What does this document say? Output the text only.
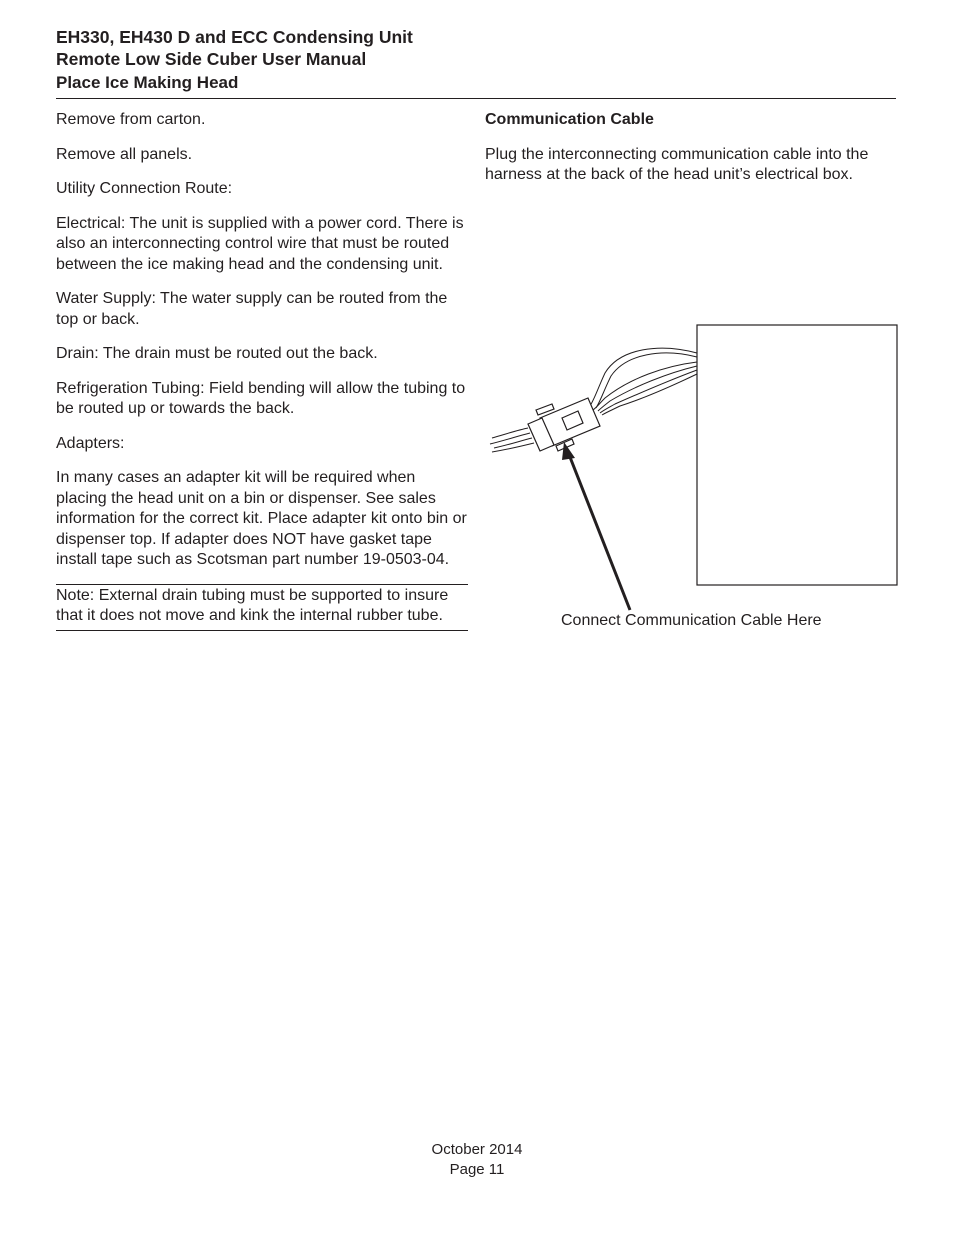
EH330, EH430 D and ECC Condensing Unit
Remote Low Side Cuber User Manual
Place Ice Making Head

Remove from carton.

Remove all panels.

Utility Connection Route:

Electrical: The unit is supplied with a power cord. There is also an interconnecting control wire that must be routed between the ice making head and the condensing unit.

Water Supply: The water supply can be routed from the top or back.

Drain: The drain must be routed out the back.

Refrigeration Tubing: Field bending will allow the tubing to be routed up or towards the back.

Adapters:

In many cases an adapter kit will be required when placing the head unit on a bin or dispenser. See sales information for the correct kit. Place adapter kit onto bin or dispenser top. If adapter does NOT have gasket tape install tape such as Scotsman part number 19-0503-04.

Note: External drain tubing must be supported to insure that it does not move and kink the internal rubber tube.

Communication Cable

Plug the interconnecting communication cable into the harness at the back of the head unit’s electrical box.

Connect Communication Cable Here
October 2014
Page 11
